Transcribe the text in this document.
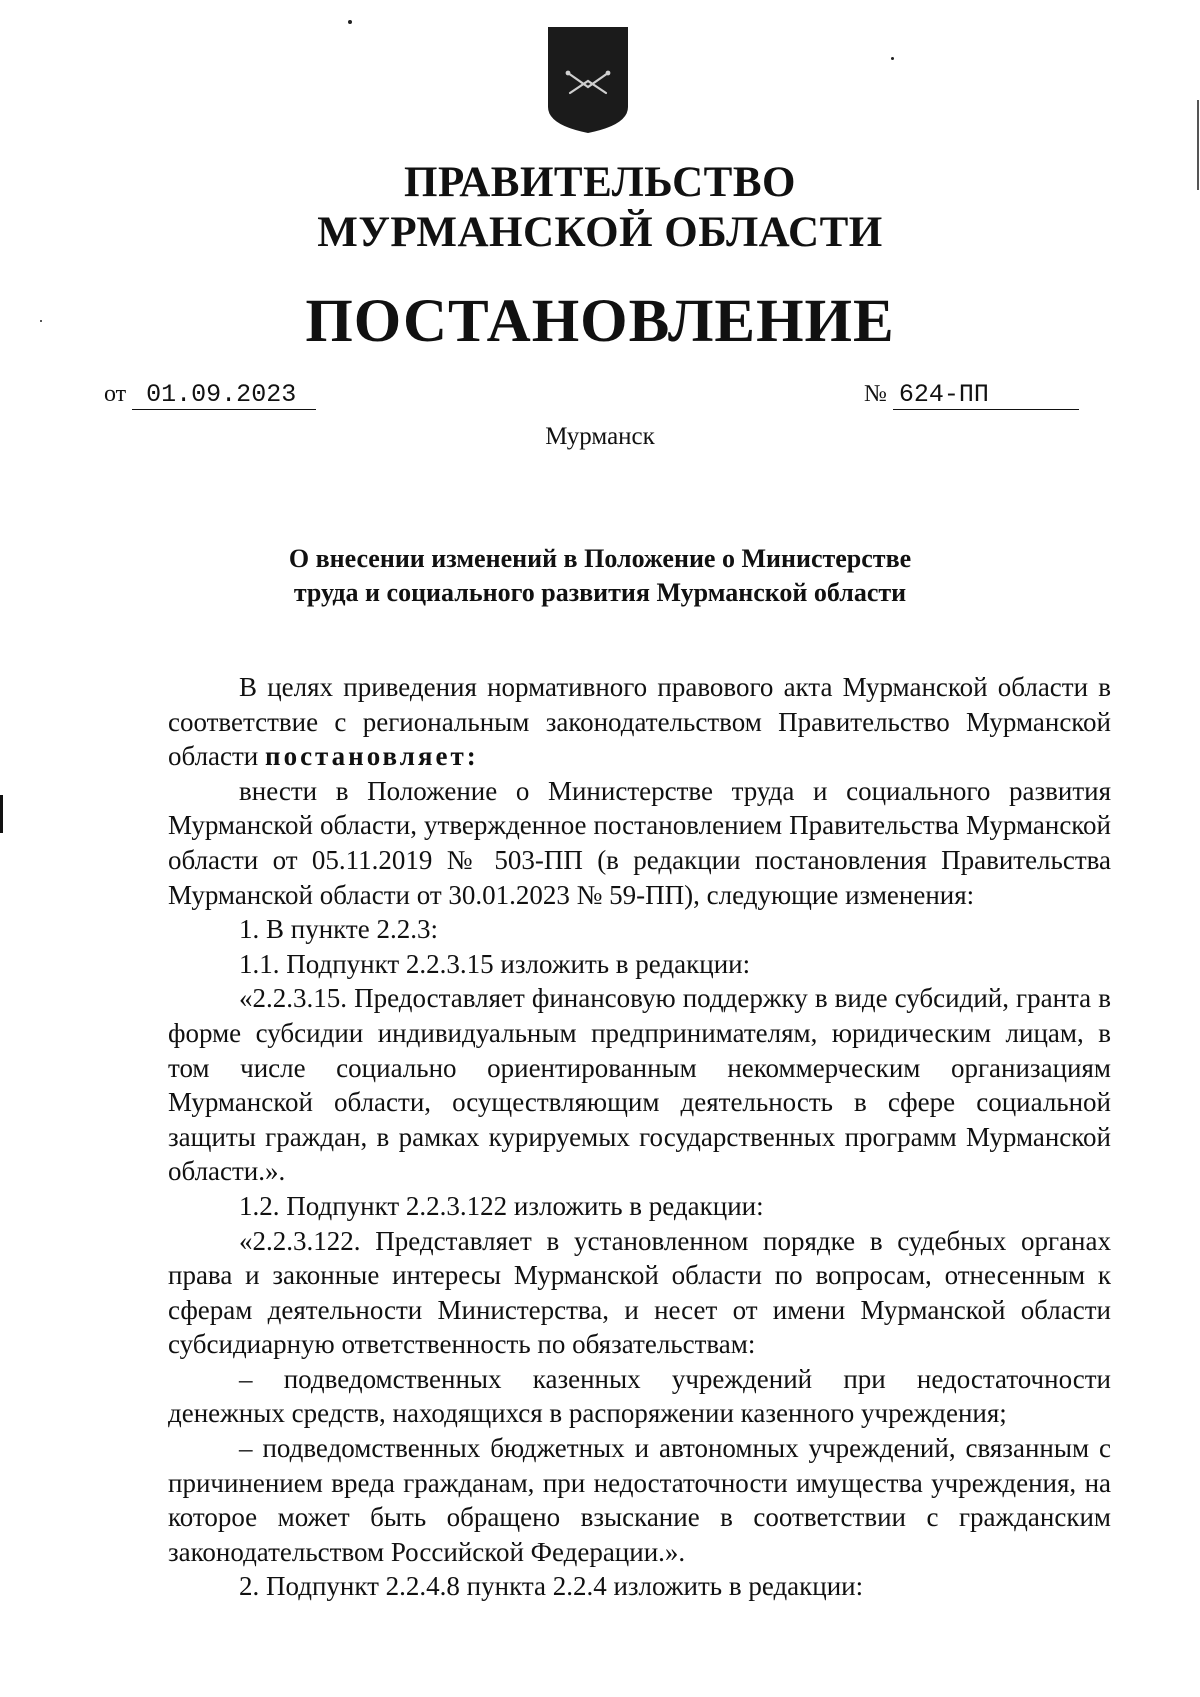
ПРАВИТЕЛЬСТВО
МУРМАНСКОЙ ОБЛАСТИ
ПОСТАНОВЛЕНИЕ
от 01.09.2023	№ 624-ПП
Мурманск
О внесении изменений в Положение о Министерстве
труда и социального развития Мурманской области

В целях приведения нормативного правового акта Мурманской области в соответствие с региональным законодательством Правительство Мурманской области постановляет:

внести в Положение о Министерстве труда и социального развития Мурманской области, утвержденное постановлением Правительства Мурманской области от 05.11.2019 № 503-ПП (в редакции постановления Правительства Мурманской области от 30.01.2023 № 59-ПП), следующие изменения:

1. В пункте 2.2.3:

1.1. Подпункт 2.2.3.15 изложить в редакции:

«2.2.3.15. Предоставляет финансовую поддержку в виде субсидий, гранта в форме субсидии индивидуальным предпринимателям, юридическим лицам, в том числе социально ориентированным некоммерческим организациям Мурманской области, осуществляющим деятельность в сфере социальной защиты граждан, в рамках курируемых государственных программ Мурманской области.».

1.2. Подпункт 2.2.3.122 изложить в редакции:

«2.2.3.122. Представляет в установленном порядке в судебных органах права и законные интересы Мурманской области по вопросам, отнесенным к сферам деятельности Министерства, и несет от имени Мурманской области субсидиарную ответственность по обязательствам:

– подведомственных казенных учреждений при недостаточности денежных средств, находящихся в распоряжении казенного учреждения;

– подведомственных бюджетных и автономных учреждений, связанным с причинением вреда гражданам, при недостаточности имущества учреждения, на которое может быть обращено взыскание в соответствии с гражданским законодательством Российской Федерации.».

2. Подпункт 2.2.4.8 пункта 2.2.4 изложить в редакции:
